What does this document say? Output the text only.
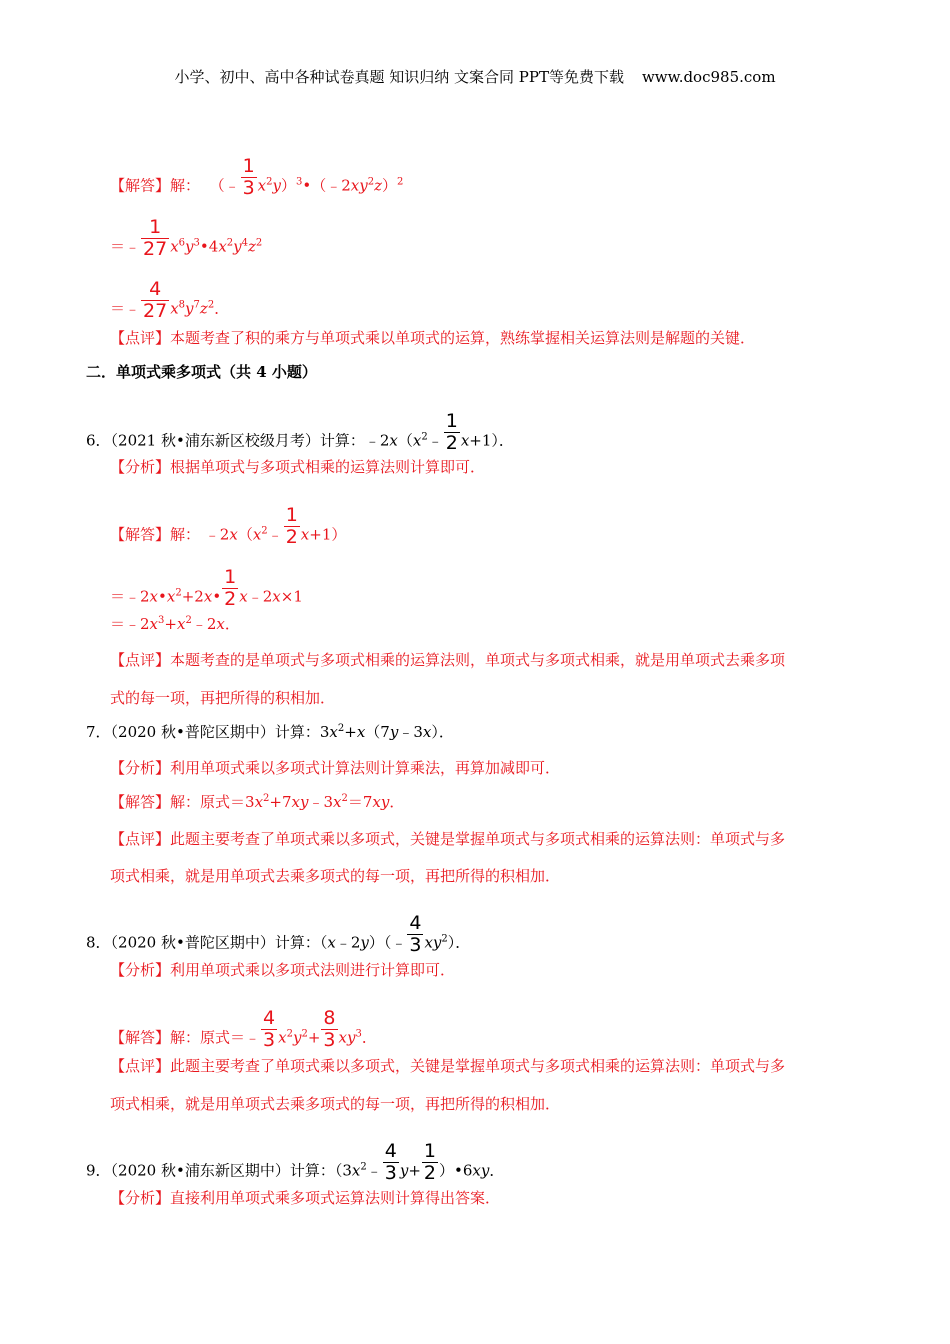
小学、初中、高中各种试卷真题 知识归纳 文案合同 PPT等免费下载 www.doc985.com
【解答】解：  （﹣ $\frac{1}{3}$ $x^2y)^3•(﹣2xy^2z)^2$
＝﹣ $\frac{1}{27}$ $x^6y^3•4x^2y^4z^2$
＝﹣ $\frac{4}{27} x^8y^7z^2$．
【点评】本题考查了积的乘方与单项式乘以单项式的运算，熟练掌握相关运算法则是解题的关键．
二．单项式乘多项式（共 4 小题）
6．（2021 秋•浦东新区校级月考）计算：$﹣2x(x^2﹣ \frac{1}{2} x+1)$．
【分析】根据单项式与多项式相乘的运算法则计算即可．
【解答】解： $﹣2x(x^2﹣ \frac{1}{2} x+1)$
$=﹣2x•x^2+2x• \frac{1}{2}$ x﹣2x×1
$=﹣2x^3+x^2﹣2x$．
【点评】本题考查的是单项式与多项式相乘的运算法则，单项式与多项式相乘，就是用单项式去乘多项
式的每一项，再把所得的积相加．
7．（2020 秋•普陀区期中）计算：$3x^2+x(7y﹣3x)$．
【分析】利用单项式乘以多项式计算法则计算乘法，再算加减即可．
【解答】解：原式$=3x^2+7xy﹣3x^2=7xy$．
【点评】此题主要考查了单项式乘以多项式，关键是掌握单项式与多项式相乘的运算法则：单项式与多
项式相乘，就是用单项式去乘多项式的每一项，再把所得的积相加．
8．（2020 秋•普陀区期中）计算：（x﹣2y）（﹣ $\frac{4}{3} xy^2$）．
【分析】利用单项式乘以多项式法则进行计算即可．
【解答】解：原式＝﹣ $\frac{4}{3} x^2y^2+ \frac{8}{3} xy^3$．
【点评】此题主要考查了单项式乘以多项式，关键是掌握单项式与多项式相乘的运算法则：单项式与多
项式相乘，就是用单项式去乘多项式的每一项，再把所得的积相加．
9．（2020 秋•浦东新区期中）计算：（$3x^2﹣ \frac{4}{3} y+ \frac{1}{2}$ ）•6xy．
【分析】直接利用单项式乘多项式运算法则计算得出答案．
